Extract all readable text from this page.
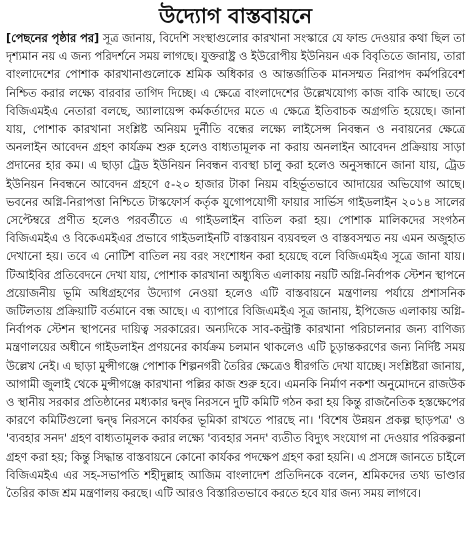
উদ্যোগ বাস্তবায়নে

[পেছনের পৃষ্ঠার পর] সূত্র জানায়, বিদেশি সংস্থাগুলোর কারখানা সংস্কারে যে ফান্ড দেওয়ার কথা ছিল তা দৃশ্যমান নয় এ জন্য পরিদর্শনে সময় লাগছে। যুক্তরাষ্ট্র ও ইউরোপীয় ইউনিয়ন এক বিবৃতিতে জানায়, তারা বাংলাদেশের পোশাক কারখানাগুলোকে শ্রমিক অধিকার ও আন্তর্জাতিক মানসম্মত নিরাপদ কর্মপরিবেশ নিশ্চিত করার লক্ষ্যে বারবার তাগিদ দিচ্ছে। এ ক্ষেত্রে বাংলাদেশের উল্লেখযোগ্য কাজ বাকি আছে। তবে বিজিএমইএ নেতারা বলছে, অ্যালায়েন্স কর্মকর্তাদের মতে এ ক্ষেত্রে ইতিবাচক অগ্রগতি হয়েছে। জানা যায়, পোশাক কারখানা সংশ্লিষ্ট অনিয়ম দুর্নীতি বন্ধের লক্ষ্যে লাইসেন্স নিবন্ধন ও নবায়নের ক্ষেত্রে অনলাইন আবেদন গ্রহণ কার্যক্রম শুরু হলেও বাধ্যতামূলক না করায় অনলাইন আবেদন প্রক্রিয়ায় সাড়া প্রদানের হার কম। এ ছাড়া ট্রেড ইউনিয়ন নিবন্ধন ব্যবস্থা চালু করা হলেও অনুসন্ধানে জানা যায়, ট্রেড ইউনিয়ন নিবন্ধনে আবেদন গ্রহণে ৫-২০ হাজার টাকা নিয়ম বহির্ভূতভাবে আদায়ের অভিযোগ আছে। ভবনের অগ্নি-নিরাপত্তা নিশ্চিতে টাস্কফোর্স কর্তৃক যুগোপযোগী ফায়ার সার্ভিস গাইডলাইন ২০১৪ সালের সেপ্টেম্বরে প্রণীত হলেও পরবর্তীতে এ গাইডলাইন বাতিল করা হয়। পোশাক মালিকদের সংগঠন বিজিএমইএ ও বিকেএমইএর প্রভাবে গাইডলাইনটি বাস্তবায়ন ব্যয়বহুল ও বাস্তবসম্মত নয় এমন অজুহাত দেখানো হয়। তবে এ নোটিশ বাতিল নয় বরং সংশোধন করা হয়েছে বলে বিজিএমইএ সূত্রে জানা যায়। টিআইবির প্রতিবেদনে দেখা যায়, পোশাক কারখানা অধ্যুষিত এলাকায় নয়টি অগ্নি-নির্বাপক স্টেশন স্থাপনে প্রয়োজনীয় ভূমি অধিগ্রহণের উদ্যোগ নেওয়া হলেও এটি বাস্তবায়নে মন্ত্রণালয় পর্যায়ে প্রশাসনিক জটিলতায় প্রক্রিয়াটি বর্তমানে বন্ধ আছে। এ ব্যাপারে বিজিএমইএ সূত্র জানায়, ইপিজেড এলাকায় অগ্নি-নির্বাপক স্টেশন স্থাপনের দায়িত্ব সরকারের। অন্যদিকে সাব-কন্ট্রাক্ট কারখানা পরিচালনার জন্য বাণিজ্য মন্ত্রণালয়ের অধীনে গাইডলাইন প্রণয়নের কার্যক্রম চলমান থাকলেও এটি চূড়ান্তকরণের জন্য নির্দিষ্ট সময় উল্লেখ নেই। এ ছাড়া মুন্সীগঞ্জে পোশাক শিল্পনগরী তৈরির ক্ষেত্রেও ধীরগতি দেখা যাচ্ছে। সংশ্লিষ্টরা জানায়, আগামী জুলাই থেকে মুন্সীগঞ্জে কারখানা পল্লির কাজ শুরু হবে। এমনকি নির্মাণ নকশা অনুমোদনে রাজউক ও স্থানীয় সরকার প্রতিষ্ঠানের মধ্যকার দ্বন্দ্ব নিরসনে দুটি কমিটি গঠন করা হয় কিন্তু রাজনৈতিক হস্তক্ষেপের কারণে কমিটিগুলো দ্বন্দ্ব নিরসনে কার্যকর ভূমিকা রাখতে পারছে না। 'বিশেষ উন্নয়ন প্রকল্প ছাড়পত্র' ও 'ব্যবহার সনদ' গ্রহণ বাধ্যতামূলক করার লক্ষ্যে 'ব্যবহার সনদ' ব্যতীত বিদ্যুৎ সংযোগ না দেওয়ার পরিকল্পনা গ্রহণ করা হয়; কিন্তু সিদ্ধান্ত বাস্তবায়নে কোনো কার্যকর পদক্ষেপ গ্রহণ করা হয়নি। এ প্রসঙ্গে জানতে চাইলে বিজিএমইএ এর সহ-সভাপতি শহীদুল্লাহ আজিম বাংলাদেশ প্রতিদিনকে বলেন, শ্রমিকদের তথ্য ভাণ্ডার তৈরির কাজ শ্রম মন্ত্রণালয় করছে। এটি আরও বিস্তারিতভাবে করতে হবে যার জন্য সময় লাগবে।
